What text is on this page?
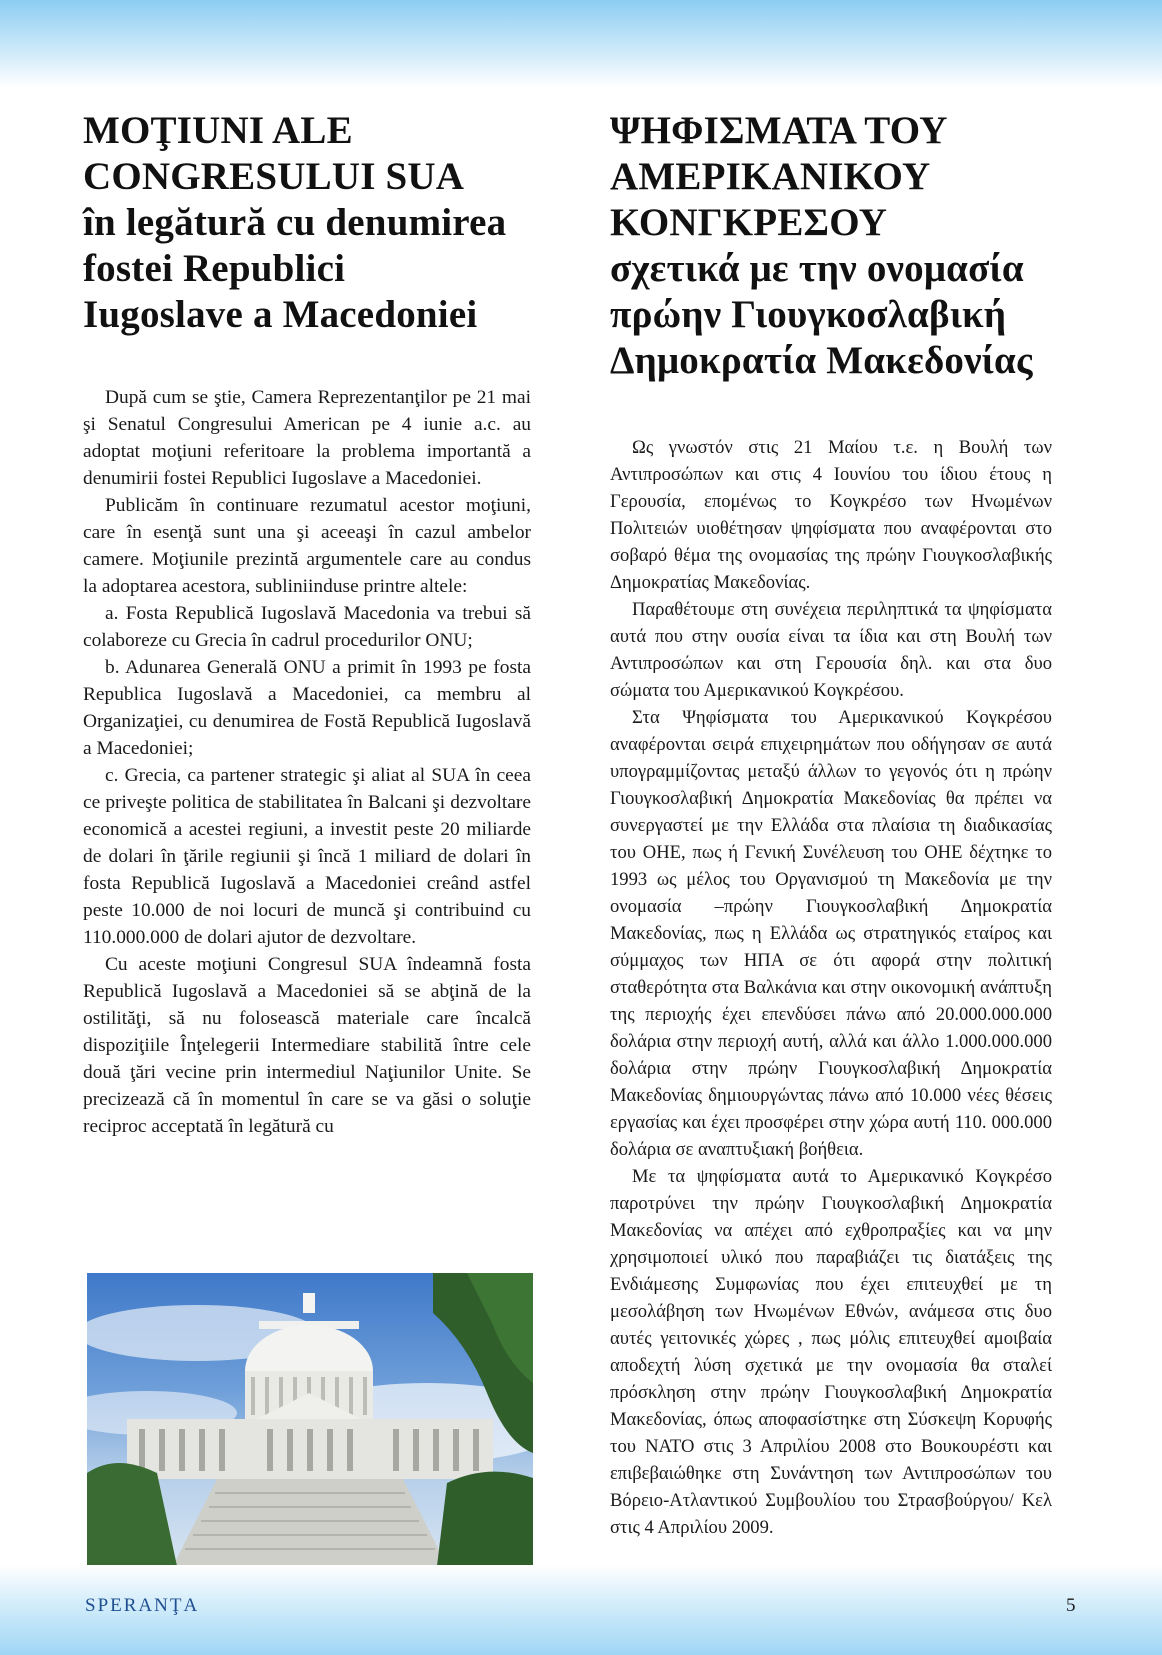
MOŢIUNI ALE
CONGRESULUI SUA
în legătură cu denumirea
fostei Republici
Iugoslave a Macedoniei

După cum se ştie, Camera Reprezentanţilor pe 21 mai şi Senatul Congresului American pe 4 iunie a.c. au adoptat moţiuni referitoare la problema importantă a denumirii fostei Republici Iugoslave a Macedoniei.

Publicăm în continuare rezumatul acestor moţiuni, care în esenţă sunt una şi aceeaşi în cazul ambelor camere. Moţiunile prezintă argumentele care au condus la adoptarea acestora, subliniinduse printre altele:

a. Fosta Republică Iugoslavă Macedonia va trebui să colaboreze cu Grecia în cadrul procedurilor ONU;

b. Adunarea Generală ONU a primit în 1993 pe fosta Republica Iugoslavă a Macedoniei, ca membru al Organizaţiei, cu denumirea de Fostă Republică Iugoslavă a Macedoniei;

c. Grecia, ca partener strategic şi aliat al SUA în ceea ce priveşte politica de stabilitatea în Balcani şi dezvoltare economică a acestei regiuni, a investit peste 20 miliarde de dolari în ţările regiunii şi încă 1 miliard de dolari în fosta Republică Iugoslavă a Macedoniei creând astfel peste 10.000 de noi locuri de muncă şi contribuind cu 110.000.000 de dolari ajutor de dezvoltare.

Cu aceste moţiuni Congresul SUA îndeamnă fosta Republică Iugoslavă a Macedoniei să se abţină de la ostilităţi, să nu folosească materiale care încalcă dispoziţiile Înţelegerii Intermediare stabilită între cele două ţări vecine prin intermediul Naţiunilor Unite. Se precizează că în momentul în care se va găsi o soluţie reciproc acceptată în legătură cu

ΨΗΦΙΣΜΑΤΑ ΤΟΥ
ΑΜΕΡΙΚΑΝΙΚΟΥ
ΚΟΝΓΚΡΕΣΟΥ
σχετικά με την ονομασία
πρώην Γιουγκοσλαβική
Δημοκρατία Μακεδονίας

Ως γνωστόν στις 21 Μαίου τ.ε. η Βουλή των Αντιπροσώπων και στις 4 Ιουνίου του ίδιου έτους η Γερουσία, επομένως το Κογκρέσο των Ηνωμένων Πολιτειών υιοθέτησαν ψηφίσματα που αναφέρονται στο σοβαρό θέμα της ονομασίας της πρώην Γιουγκοσλαβικής Δημοκρατίας Μακεδονίας.

Παραθέτουμε στη συνέχεια περιληπτικά τα ψηφίσματα αυτά που στην ουσία είναι τα ίδια και στη Βουλή των Αντιπροσώπων και στη Γερουσία δηλ. και στα δυο σώματα του Αμερικανικού Κογκρέσου.

Στα Ψηφίσματα του Αμερικανικού Κογκρέσου αναφέρονται σειρά επιχειρημάτων που οδήγησαν σε αυτά υπογραμμίζοντας μεταξύ άλλων το γεγονός ότι η πρώην Γιουγκοσλαβική Δημοκρατία Μακεδονίας θα πρέπει να συνεργαστεί με την Ελλάδα στα πλαίσια τη διαδικασίας του ΟΗΕ, πως ή Γενική Συνέλευση του ΟΗΕ δέχτηκε το 1993 ως μέλος του Οργανισμού τη Μακεδονία με την ονομασία –πρώην Γιουγκοσλαβική Δημοκρατία Μακεδονίας, πως η Ελλάδα ως στρατηγικός εταίρος και σύμμαχος των ΗΠΑ σε ότι αφορά στην πολιτική σταθερότητα στα Βαλκάνια και στην οικονομική ανάπτυξη της περιοχής έχει επενδύσει πάνω από 20.000.000.000 δολάρια στην περιοχή αυτή, αλλά και άλλο 1.000.000.000 δολάρια στην πρώην Γιουγκοσλαβική Δημοκρατία Μακεδονίας δημιουργώντας πάνω από 10.000 νέες θέσεις εργασίας και έχει προσφέρει στην χώρα αυτή 110. 000.000 δολάρια σε αναπτυξιακή βοήθεια.

Με τα ψηφίσματα αυτά το Αμερικανικό Κογκρέσο παροτρύνει την πρώην Γιουγκοσλαβική Δημοκρατία Μακεδονίας να απέχει από εχθροπραξίες και να μην χρησιμοποιεί υλικό που παραβιάζει τις διατάξεις της Ενδιάμεσης Συμφωνίας που έχει επιτευχθεί με τη μεσολάβηση των Ηνωμένων Εθνών, ανάμεσα στις δυο αυτές γειτονικές χώρες , πως μόλις επιτευχθεί αμοιβαία αποδεχτή λύση σχετικά με την ονομασία θα σταλεί πρόσκληση στην πρώην Γιουγκοσλαβική Δημοκρατία Μακεδονίας, όπως αποφασίστηκε στη Σύσκεψη Κορυφής του ΝΑΤΟ στις 3 Απριλίου 2008 στο Βουκουρέστι και επιβεβαιώθηκε στη Συνάντηση των Αντιπροσώπων του Βόρειο-Ατλαντικού Συμβουλίου του Στρασβούργου/ Κελ στις 4 Απριλίου 2009.

SPERANŢA	5
